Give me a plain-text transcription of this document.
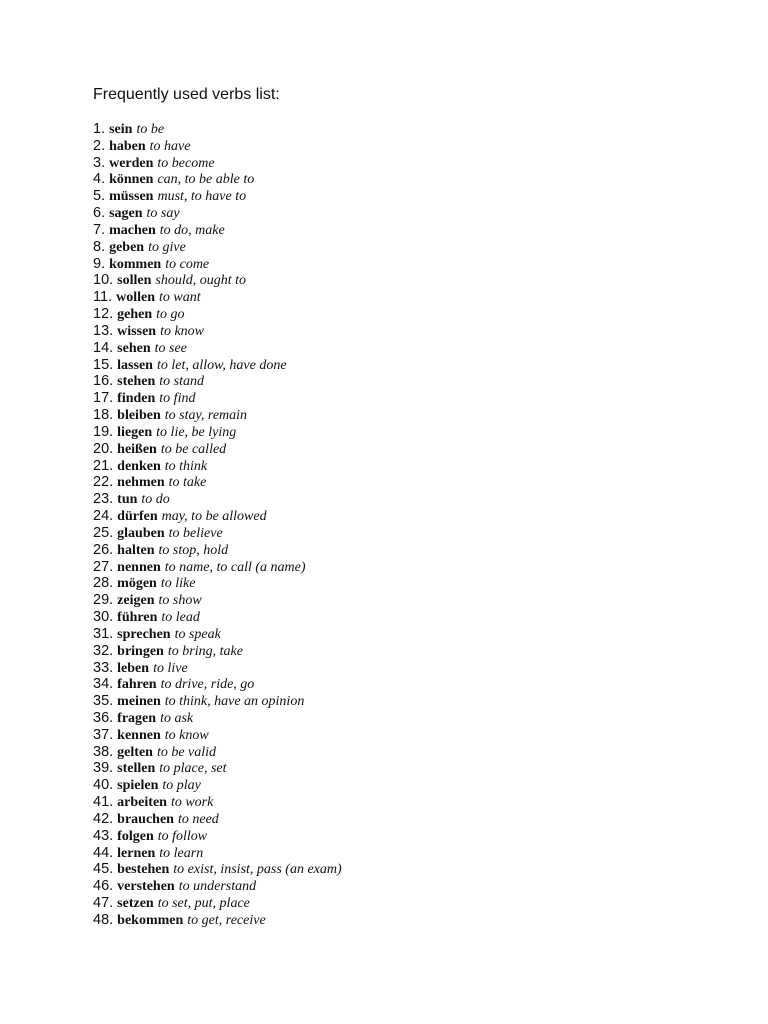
Frequently used verbs list:
1. sein to be
2. haben to have
3. werden to become
4. können can, to be able to
5. müssen must, to have to
6. sagen to say
7. machen to do, make
8. geben to give
9. kommen to come
10. sollen should, ought to
11. wollen to want
12. gehen to go
13. wissen to know
14. sehen to see
15. lassen to let, allow, have done
16. stehen to stand
17. finden to find
18. bleiben to stay, remain
19. liegen to lie, be lying
20. heißen to be called
21. denken to think
22. nehmen to take
23. tun to do
24. dürfen may, to be allowed
25. glauben to believe
26. halten to stop, hold
27. nennen to name, to call (a name)
28. mögen to like
29. zeigen to show
30. führen to lead
31. sprechen to speak
32. bringen to bring, take
33. leben to live
34. fahren to drive, ride, go
35. meinen to think, have an opinion
36. fragen to ask
37. kennen to know
38. gelten to be valid
39. stellen to place, set
40. spielen to play
41. arbeiten to work
42. brauchen to need
43. folgen to follow
44. lernen to learn
45. bestehen to exist, insist, pass (an exam)
46. verstehen to understand
47. setzen to set, put, place
48. bekommen to get, receive
